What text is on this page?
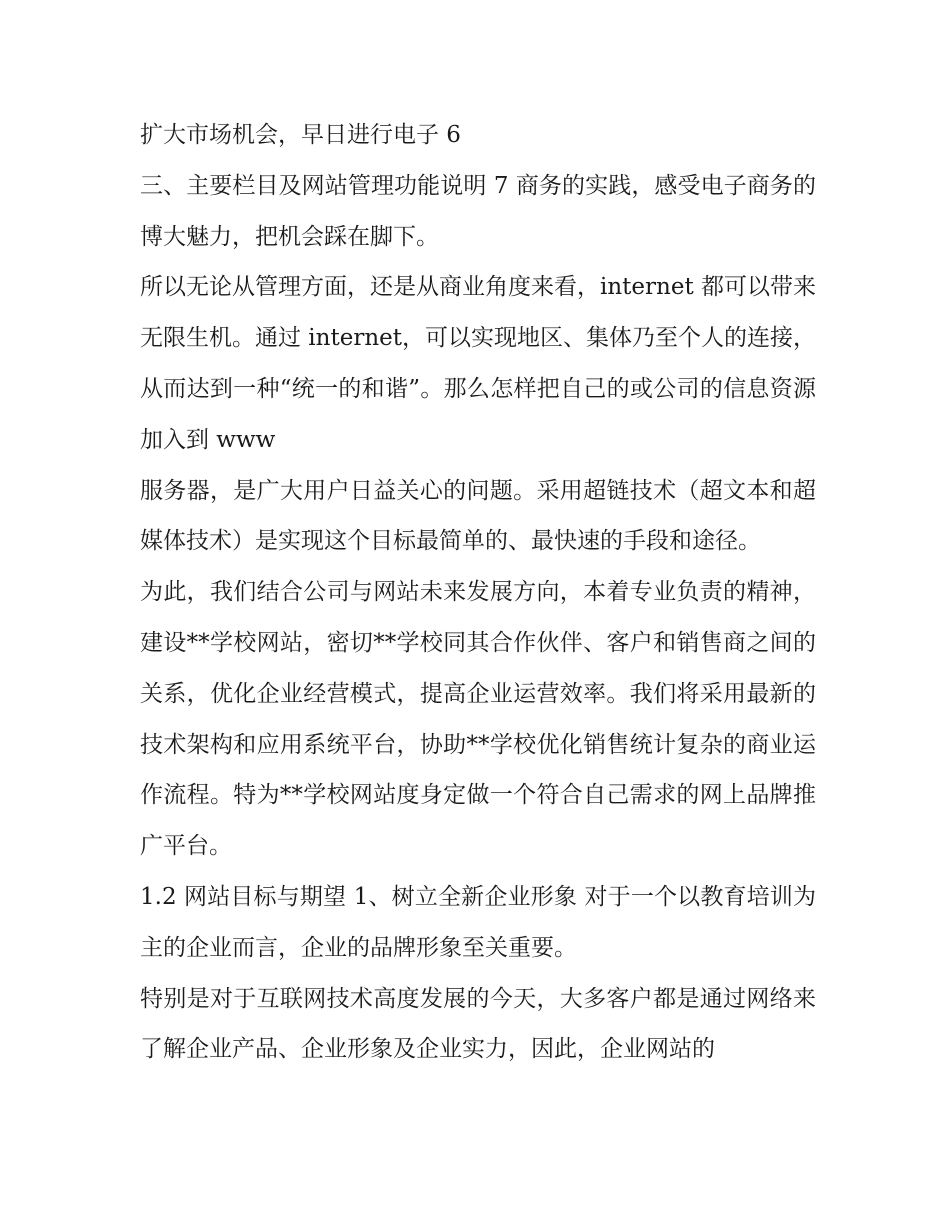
扩大市场机会，早日进行电子 6

三、主要栏目及网站管理功能说明 7 商务的实践，感受电子商务的博大魅力，把机会踩在脚下。

所以无论从管理方面，还是从商业角度来看，internet 都可以带来无限生机。通过 internet，可以实现地区、集体乃至个人的连接，从而达到一种“统一的和谐”。那么怎样把自己的或公司的信息资源加入到 www

服务器，是广大用户日益关心的问题。采用超链技术（超文本和超媒体技术）是实现这个目标最简单的、最快速的手段和途径。

为此，我们结合公司与网站未来发展方向，本着专业负责的精神，建设**学校网站，密切**学校同其合作伙伴、客户和销售商之间的关系，优化企业经营模式，提高企业运营效率。我们将采用最新的技术架构和应用系统平台，协助**学校优化销售统计复杂的商业运作流程。特为**学校网站度身定做一个符合自己需求的网上品牌推广平台。

1.2 网站目标与期望 1、树立全新企业形象 对于一个以教育培训为主的企业而言，企业的品牌形象至关重要。

特别是对于互联网技术高度发展的今天，大多客户都是通过网络来了解企业产品、企业形象及企业实力，因此，企业网站的
